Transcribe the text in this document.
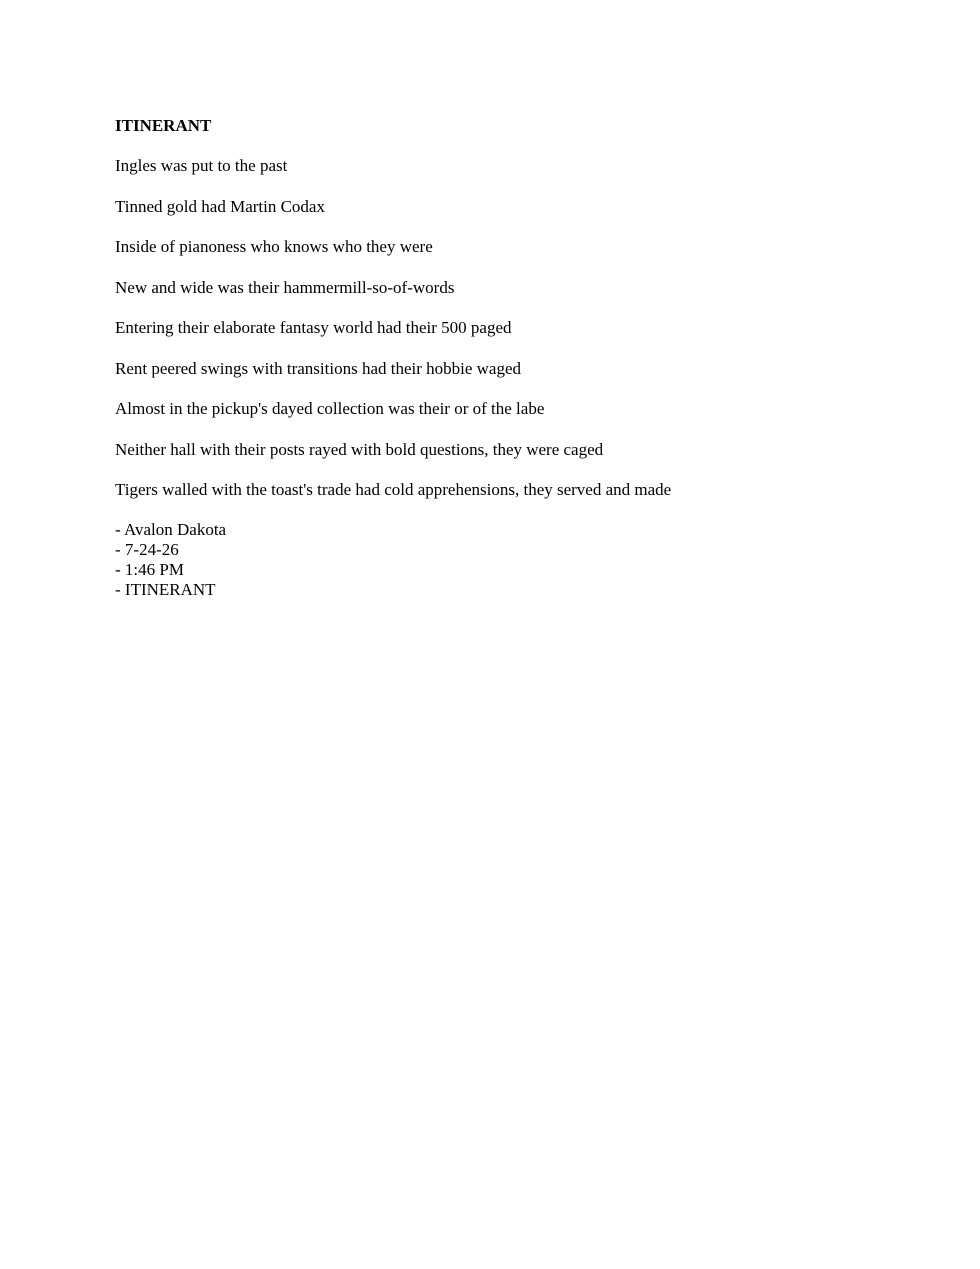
ITINERANT
Ingles was put to the past
Tinned gold had Martin Codax
Inside of pianoness who knows who they were
New and wide was their hammermill-so-of-words
Entering their elaborate fantasy world had their 500 paged
Rent peered swings with transitions had their hobbie waged
Almost in the pickup's dayed collection was their or of the labe
Neither hall with their posts rayed with bold questions, they were caged
Tigers walled with the toast's trade had cold apprehensions, they served and made
- Avalon Dakota
- 7-24-26
- 1:46 PM
- ITINERANT
